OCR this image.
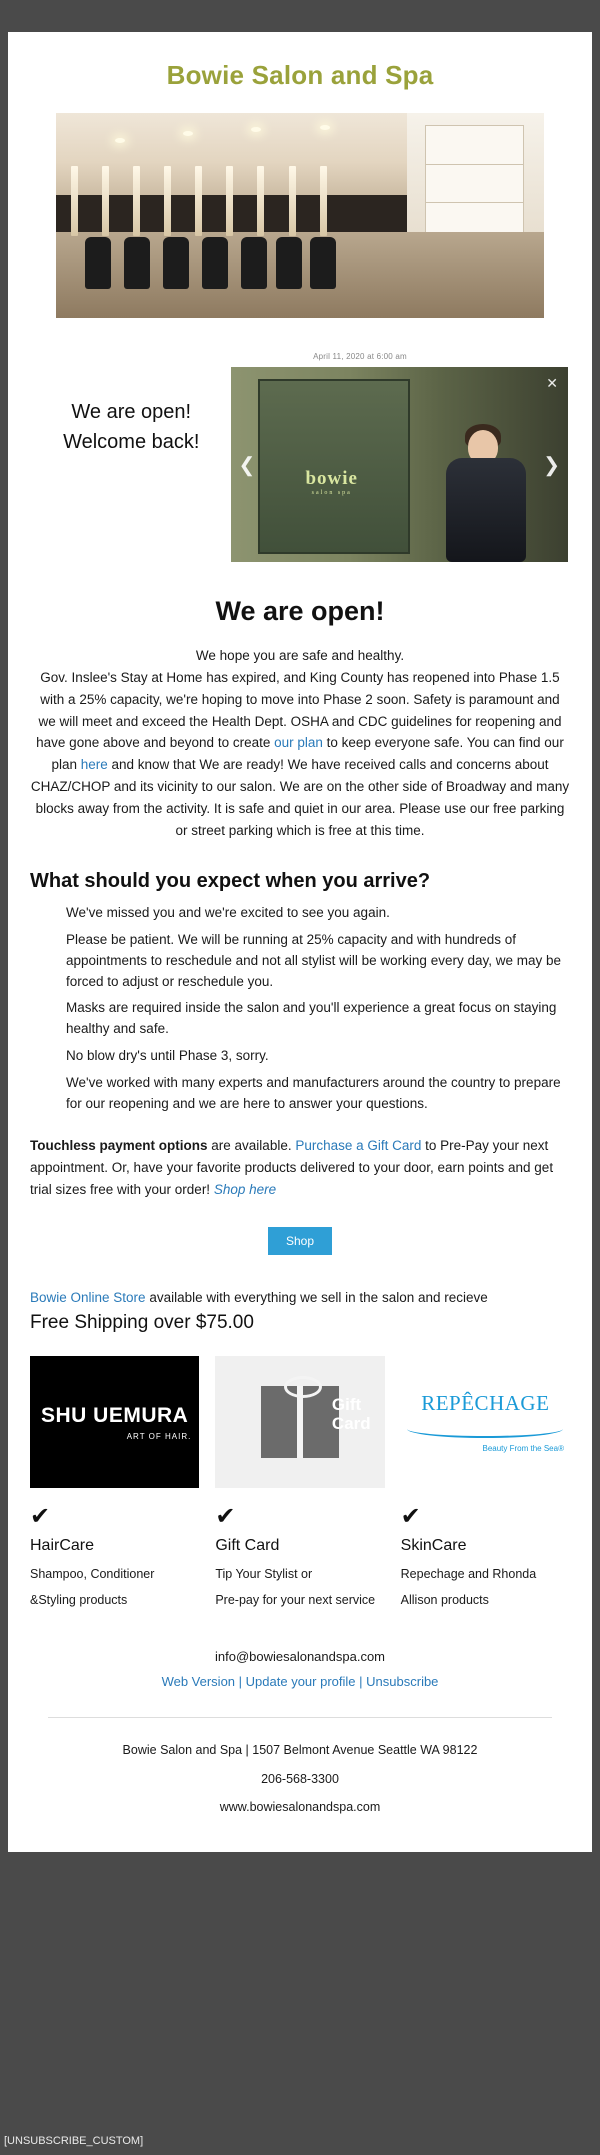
Bowie Salon and Spa
April 11, 2020 at 6:00 am
We are open!
Welcome back!
bowie
salon spa
✕
❮	❯
We are open!

We hope you are safe and healthy.
Gov. Inslee's Stay at Home has expired, and King County has reopened into Phase 1.5 with a 25% capacity, we're hoping to move into Phase 2 soon. Safety is paramount and we will meet and exceed the Health Dept. OSHA and CDC guidelines for reopening and have gone above and beyond to create our plan to keep everyone safe. You can find our plan here and know that We are ready! We have received calls and concerns about CHAZ/CHOP and its vicinity to our salon. We are on the other side of Broadway and many blocks away from the activity. It is safe and quiet in our area. Please use our free parking or street parking which is free at this time.

What should you expect when you arrive?

We've missed you and we're excited to see you again.

Please be patient. We will be running at 25% capacity and with hundreds of appointments to reschedule and not all stylist will be working every day, we may be forced to adjust or reschedule you.

Masks are required inside the salon and you'll experience a great focus on staying healthy and safe.

No blow dry's until Phase 3, sorry.

We've worked with many experts and manufacturers around the country to prepare for our reopening and we are here to answer your questions.

Touchless payment options are available. Purchase a Gift Card to Pre-Pay your next appointment. Or, have your favorite products delivered to your door, earn points and get trial sizes free with your order! Shop here
Shop
Bowie Online Store available with everything we sell in the salon and recieve
Free Shipping over $75.00
SHU UEMURA
ART OF HAIR.
✔
HairCare

Shampoo, Conditioner

&Styling products

Gift
Card
✔
Gift Card

Tip Your Stylist or

Pre-pay for your next service

REPÊCHAGE
Beauty From the Sea®
✔
SkinCare

Repechage and Rhonda

Allison products

info@bowiesalonandspa.com
Web Version | Update your profile | Unsubscribe
Bowie Salon and Spa | 1507 Belmont Avenue Seattle WA 98122
206-568-3300
www.bowiesalonandspa.com
[UNSUBSCRIBE_CUSTOM]
